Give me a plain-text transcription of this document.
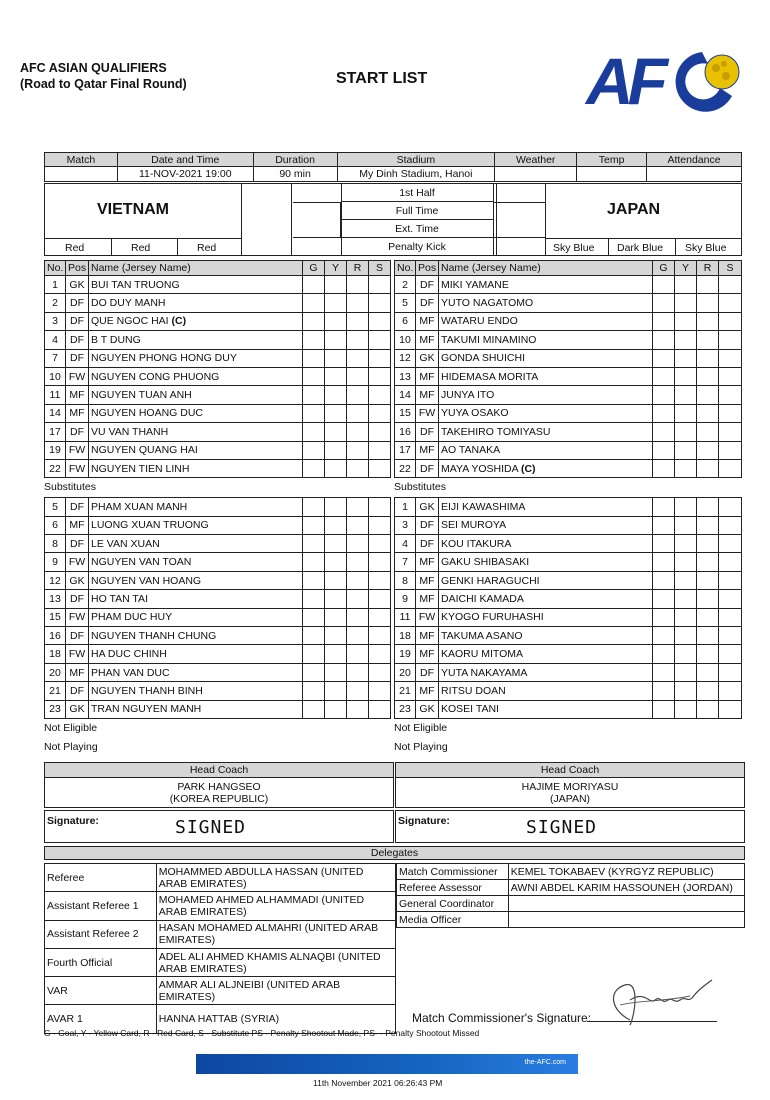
AFC ASIAN QUALIFIERS
(Road to Qatar Final Round)	START LIST AF
Match	Date and Time	Duration	Stadium	Weather	Temp	Attendance
	11-NOV-2021 19:00	90 min	My Dinh Stadium, Hanoi			
1st Half
Full Time
Ext. Time
Penalty Kick
VIETNAM	JAPAN
Red	Red	Red	Sky Blue Dark Blue Sky Blue
No.	Pos	Name (Jersey Name)	G	Y	R	S
1	GK	BUI TAN TRUONG				
2	DF	DO DUY MANH				
3	DF	QUE NGOC HAI (C)				
4	DF	B T DUNG				
7	DF	NGUYEN PHONG HONG DUY				
10	FW	NGUYEN CONG PHUONG				
11	MF	NGUYEN TUAN ANH				
14	MF	NGUYEN HOANG DUC				
17	DF	VU VAN THANH				
19	FW	NGUYEN QUANG HAI				
22	FW	NGUYEN TIEN LINH				
Substitutes
5	DF	PHAM XUAN MANH				
6	MF	LUONG XUAN TRUONG				
8	DF	LE VAN XUAN				
9	FW	NGUYEN VAN TOAN				
12	GK	NGUYEN VAN HOANG				
13	DF	HO TAN TAI				
15	FW	PHAM DUC HUY				
16	DF	NGUYEN THANH CHUNG				
18	FW	HA DUC CHINH				
20	MF	PHAN VAN DUC				
21	DF	NGUYEN THANH BINH				
23	GK	TRAN NGUYEN MANH				
Not Eligible
Not Playing
No.	Pos	Name (Jersey Name)	G	Y	R	S
2	DF	MIKI YAMANE				
5	DF	YUTO NAGATOMO				
6	MF	WATARU ENDO				
10	MF	TAKUMI MINAMINO				
12	GK	GONDA SHUICHI				
13	MF	HIDEMASA MORITA				
14	MF	JUNYA ITO				
15	FW	YUYA OSAKO				
16	DF	TAKEHIRO TOMIYASU				
17	MF	AO TANAKA				
22	DF	MAYA YOSHIDA (C)				
Substitutes
1	GK	EIJI KAWASHIMA				
3	DF	SEI MUROYA				
4	DF	KOU ITAKURA				
7	MF	GAKU SHIBASAKI				
8	MF	GENKI HARAGUCHI				
9	MF	DAICHI KAMADA				
11	FW	KYOGO FURUHASHI				
18	MF	TAKUMA ASANO				
19	MF	KAORU MITOMA				
20	DF	YUTA NAKAYAMA				
21	MF	RITSU DOAN				
23	GK	KOSEI TANI				
Not Eligible
Not Playing
Head Coach

PARK HANGSEO
(KOREA REPUBLIC)
Head Coach

HAJIME MORIYASU
(JAPAN)
Signature:	SIGNED	Signature:	SIGNED
Delegates
Referee	MOHAMMED ABDULLA HASSAN (UNITED ARAB EMIRATES)
Assistant Referee 1	MOHAMED AHMED ALHAMMADI (UNITED ARAB EMIRATES)
Assistant Referee 2	HASAN MOHAMED ALMAHRI (UNITED ARAB EMIRATES)
Fourth Official	ADEL ALI AHMED KHAMIS ALNAQBI (UNITED ARAB EMIRATES)
VAR	AMMAR ALI ALJNEIBI (UNITED ARAB EMIRATES)
AVAR 1	HANNA HATTAB (SYRIA)
Match Commissioner	KEMEL TOKABAEV (KYRGYZ REPUBLIC)
Referee Assessor	AWNI ABDEL KARIM HASSOUNEH (JORDAN)
General Coordinator	
Media Officer	
Match Commissioner's Signature:
G - Goal, Y - Yellow Card, R - Red Card, S - Substitute PS - Penalty Shootout Made, PS- - Penalty Shootout Missed
the-AFC.com
11th November 2021 06:26:43 PM
